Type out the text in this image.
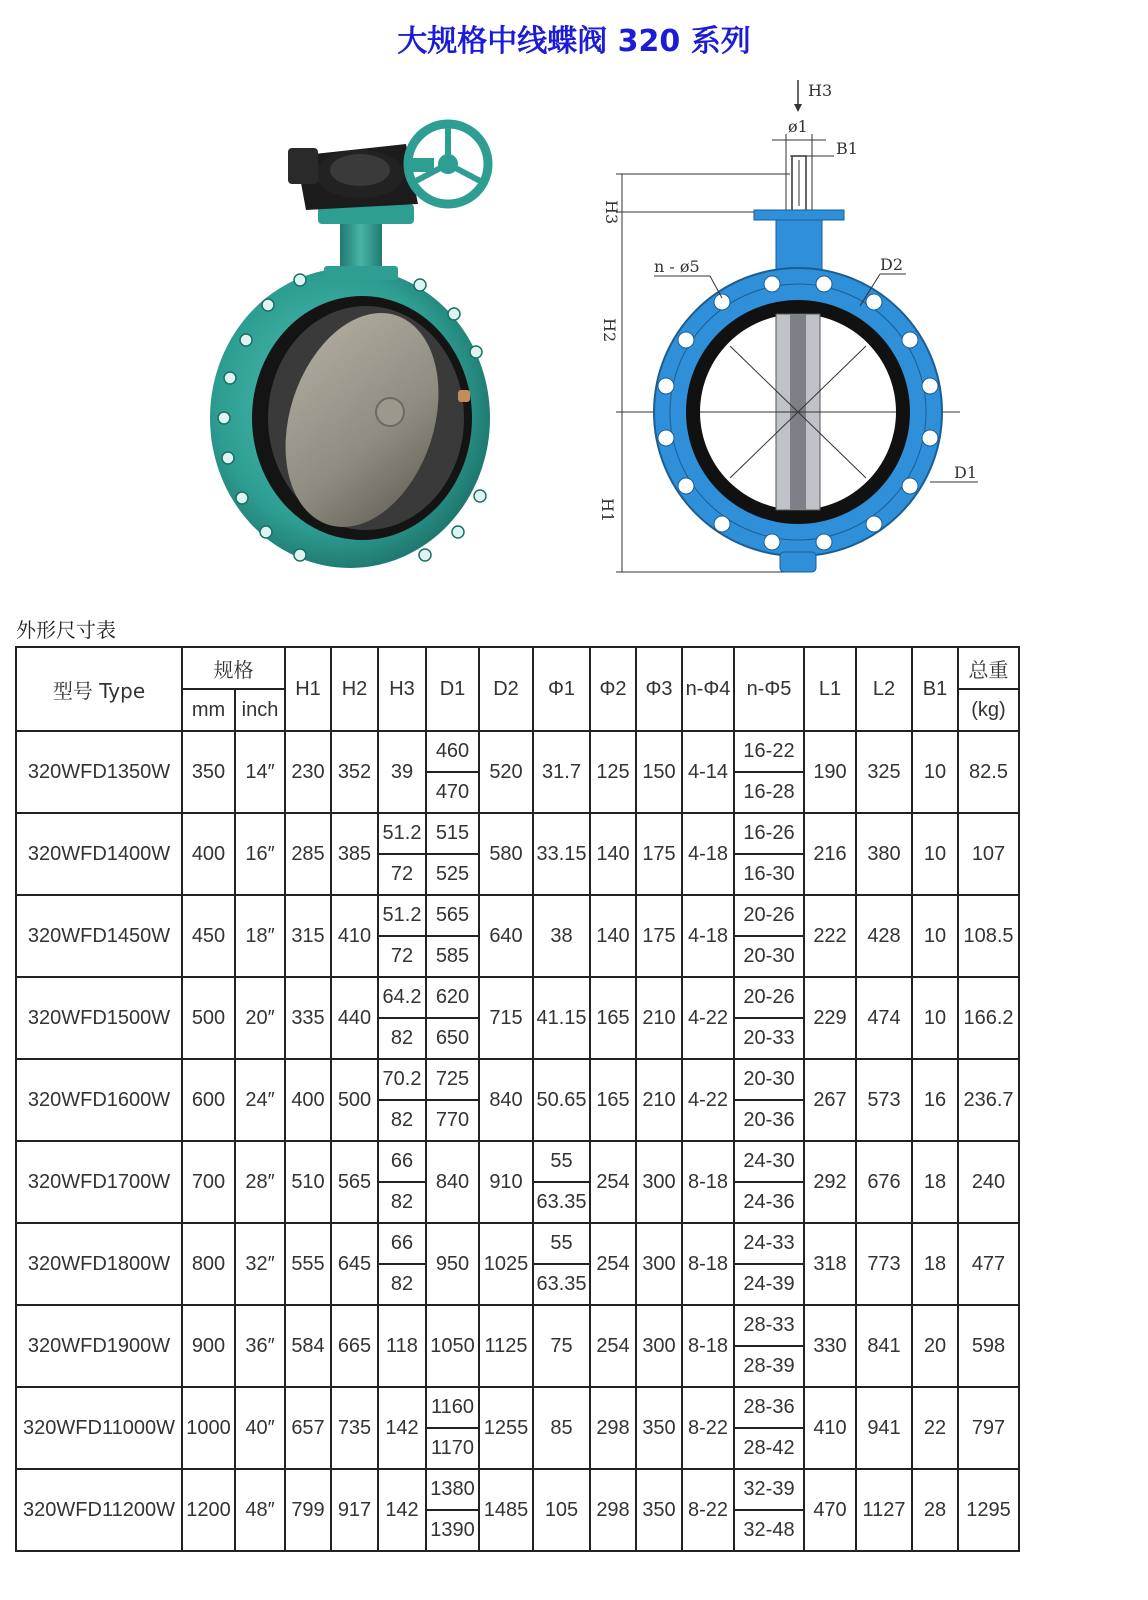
大规格中线蝶阀 320 系列
H3
ø1
B1
H3
H2
H1
n - ø5	D2
D1
外形尺寸表
型号 Type	规格		H1	H2	H3	D1	D2	Φ1	Φ2	Φ3	n-Φ4	n-Φ5	L1	L2	B1	总重
	mm	inch														(kg)
320WFD1350W	350	14″	230	352	39	460	520	31.7	125	150	4-14	16-22	190	325	10	82.5
						470						16-28				
320WFD1400W	400	16″	285	385	51.2	515	580	33.15	140	175	4-18	16-26	216	380	10	107
					72	525						16-30				
320WFD1450W	450	18″	315	410	51.2	565	640	38	140	175	4-18	20-26	222	428	10	108.5
					72	585						20-30				
320WFD1500W	500	20″	335	440	64.2	620	715	41.15	165	210	4-22	20-26	229	474	10	166.2
					82	650						20-33				
320WFD1600W	600	24″	400	500	70.2	725	840	50.65	165	210	4-22	20-30	267	573	16	236.7
					82	770						20-36				
320WFD1700W	700	28″	510	565	66	840	910	55	254	300	8-18	24-30	292	676	18	240
					82			63.35				24-36				
320WFD1800W	800	32″	555	645	66	950	1025	55	254	300	8-18	24-33	318	773	18	477
					82			63.35				24-39				
320WFD1900W	900	36″	584	665	118	1050	1125	75	254	300	8-18	28-33	330	841	20	598
												28-39				
320WFD11000W	1000	40″	657	735	142	1160	1255	85	298	350	8-22	28-36	410	941	22	797
						1170						28-42				
320WFD11200W	1200	48″	799	917	142	1380	1485	105	298	350	8-22	32-39	470	1127	28	1295
						1390						32-48				
